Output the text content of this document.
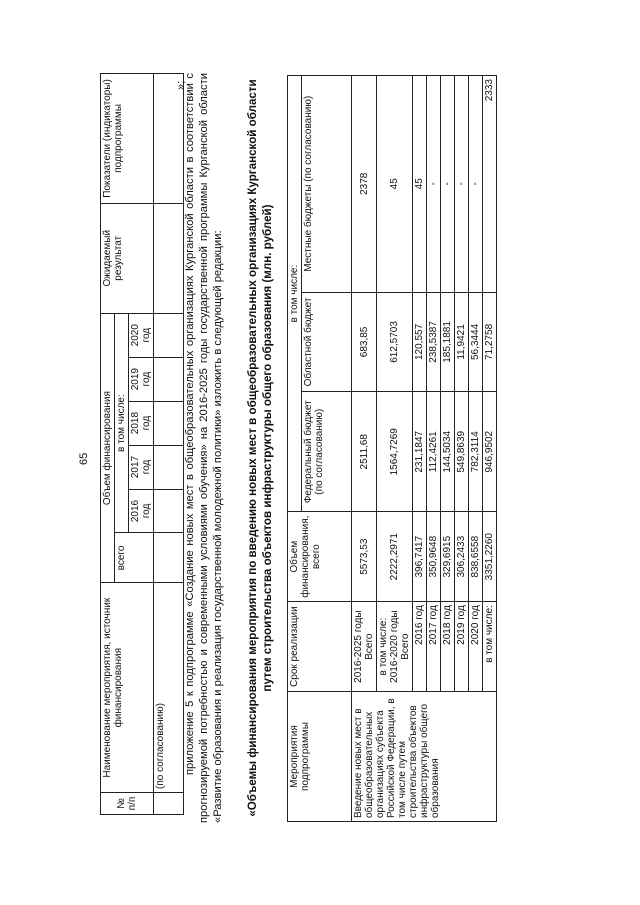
65
№ п/п	Наименование мероприятия, источник финансирования	Объем финансирования						Ожидаемый результат	Показатели (индикаторы) подпрограммы
		всего	в том числе:						
			2016 год	2017 год	2018 год	2019 год	2020 год		
	(по согласованию)								
»;
приложение 5 к подпрограмме «Создание новых мест в общеобразовательных организациях Курганской области в соответствии с прогнозируемой потребностью и современными условиями обучения» на 2016-2025 годы государственной программы Курганской области «Развитие образования и реализация государственной молодежной политики» изложить в следующей редакции: «Объемы финансирования мероприятия по введению новых мест в общеобразовательных организациях Курганской области путем строительства объектов инфраструктуры общего образования (млн. рублей)
Мероприятия подпрограммы	Срок реализации	Объем финансирования, всего	в том числе:		
			Федеральный бюджет (по согласованию)	Областной бюджет	Местные бюджеты (по согласованию)
Введение новых мест в общеобразовательных организациях субъекта Российской Федерации, в том числе путем строительства объектов инфраструктуры общего образования	2016-2025 годы Всего	5573,53	2511,68	683,85	2378
	в том числе: 2016-2020 годы Всего	2222,2971	1564,7269	612,5703	45
	2016 год	396,7417	231,1847	120,557	45
	2017 год	350,9648	112,4261	238,5387	-
	2018 год	329,6915	144,5034	185,1881	-
	2019 год	306,2433	549,8639	11,9421	-
	2020 год	838,6558	782,3114	56,3444	-
	в том числе:	3351,2260	946,9502	71,2758	2333
